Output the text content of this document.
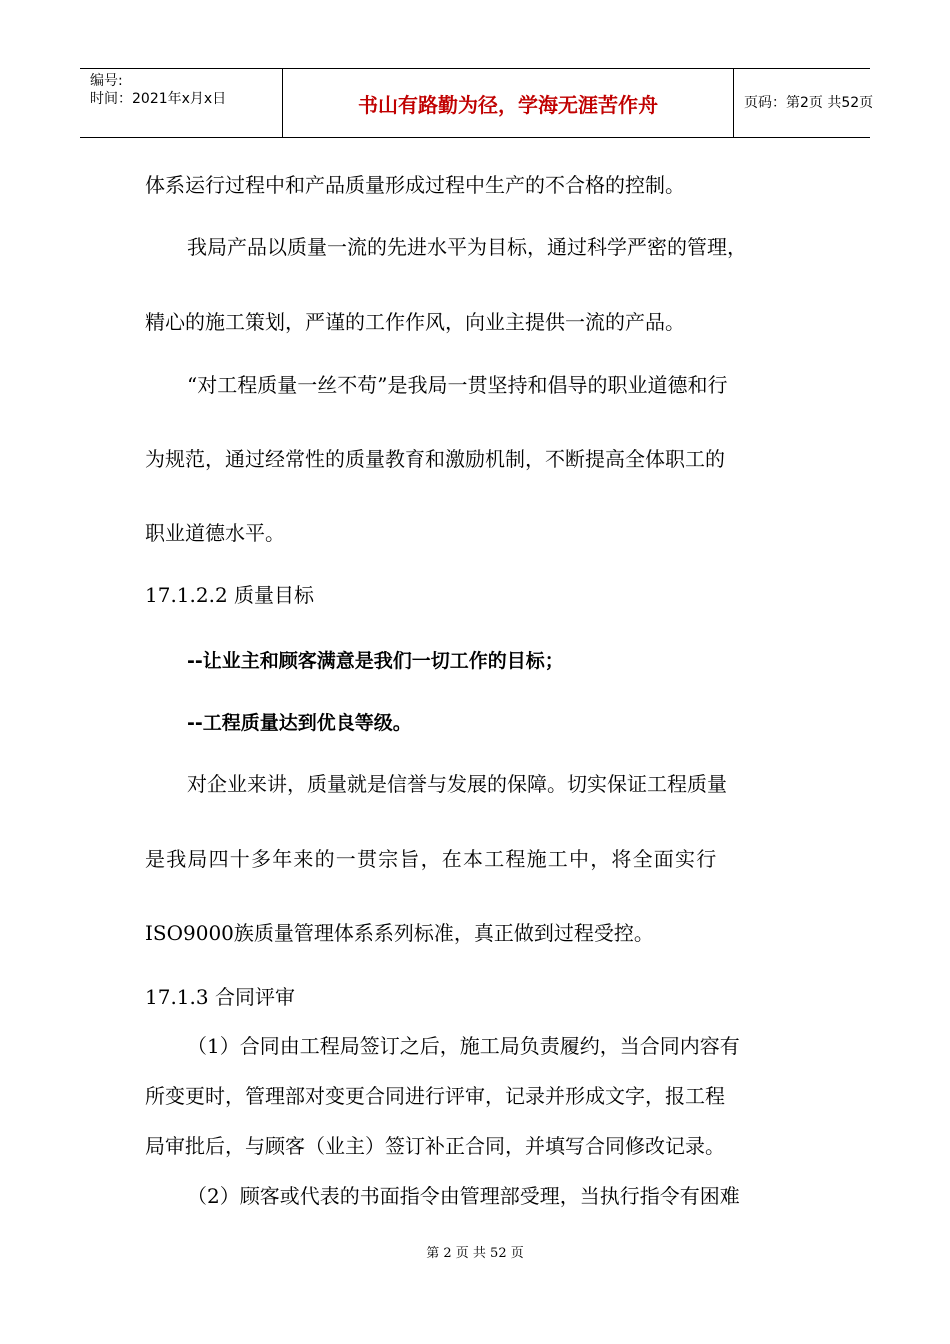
编号:
时间：2021年x月x日	书山有路勤为径，学海无涯苦作舟	页码：第2页 共52页
体系运行过程中和产品质量形成过程中生产的不合格的控制。
我局产品以质量一流的先进水平为目标，通过科学严密的管理，
精心的施工策划，严谨的工作作风，向业主提供一流的产品。
“对工程质量一丝不苟”是我局一贯坚持和倡导的职业道德和行
为规范，通过经常性的质量教育和激励机制，不断提高全体职工的
职业道德水平。
17.1.2.2 质量目标
--让业主和顾客满意是我们一切工作的目标；
--工程质量达到优良等级。
对企业来讲，质量就是信誉与发展的保障。切实保证工程质量
是我局四十多年来的一贯宗旨，在本工程施工中，将全面实行
ISO9000族质量管理体系系列标准，真正做到过程受控。
17.1.3 合同评审
（1）合同由工程局签订之后，施工局负责履约，当合同内容有
所变更时，管理部对变更合同进行评审，记录并形成文字，报工程
局审批后，与顾客（业主）签订补正合同，并填写合同修改记录。
（2）顾客或代表的书面指令由管理部受理，当执行指令有困难
第 2 页 共 52 页
